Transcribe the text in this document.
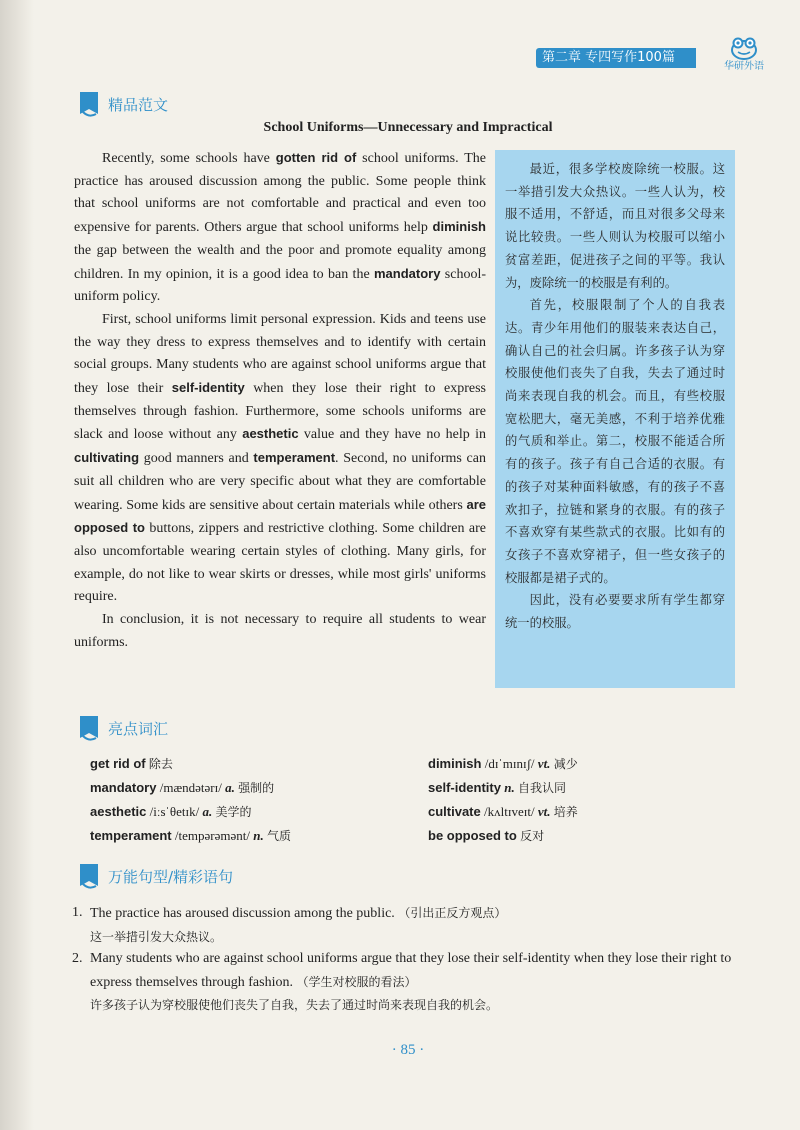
第二章 专四写作100篇
华研外语
精品范文
School Uniforms—Unnecessary and Impractical

Recently, some schools have gotten rid of school uniforms. The practice has aroused discussion among the public. Some people think that school uniforms are not comfortable and practical and even too expensive for parents. Others argue that school uniforms help diminish the gap between the wealth and the poor and promote equality among children. In my opinion, it is a good idea to ban the mandatory school-uniform policy.

First, school uniforms limit personal expression. Kids and teens use the way they dress to express themselves and to identify with certain social groups. Many students who are against school uniforms argue that they lose their self-identity when they lose their right to express themselves through fashion. Furthermore, some schools uniforms are slack and loose without any aesthetic value and they have no help in cultivating good manners and temperament. Second, no uniforms can suit all children who are very specific about what they are comfortable wearing. Some kids are sensitive about certain materials while others are opposed to buttons, zippers and restrictive clothing. Some children are also uncomfortable wearing certain styles of clothing. Many girls, for example, do not like to wear skirts or dresses, while most girls' uniforms require.

In conclusion, it is not necessary to require all students to wear uniforms.

最近，很多学校废除统一校服。这一举措引发大众热议。一些人认为，校服不适用，不舒适，而且对很多父母来说比较贵。一些人则认为校服可以缩小贫富差距，促进孩子之间的平等。我认为，废除统一的校服是有利的。

首先，校服限制了个人的自我表达。青少年用他们的服装来表达自己，确认自己的社会归属。许多孩子认为穿校服使他们丧失了自我，失去了通过时尚来表现自我的机会。而且，有些校服宽松肥大，毫无美感，不利于培养优雅的气质和举止。第二，校服不能适合所有的孩子。孩子有自己合适的衣服。有的孩子对某种面料敏感，有的孩子不喜欢扣子，拉链和紧身的衣服。有的孩子不喜欢穿有某些款式的衣服。比如有的女孩子不喜欢穿裙子，但一些女孩子的校服都是裙子式的。

因此，没有必要要求所有学生都穿统一的校服。

亮点词汇
get rid of 除去
mandatory /mændətərɪ/ a. 强制的
aesthetic /iːsˈθetɪk/ a. 美学的
temperament /tempərəmənt/ n. 气质
diminish /dɪˈmɪnɪʃ/ vt. 减少
self-identity n. 自我认同
cultivate /kʌltɪveɪt/ vt. 培养
be opposed to 反对
万能句型/精彩语句
1. The practice has aroused discussion among the public. （引出正反方观点）
这一举措引发大众热议。
2. Many students who are against school uniforms argue that they lose their self-identity when they lose their right to express themselves through fashion. （学生对校服的看法）
许多孩子认为穿校服使他们丧失了自我，失去了通过时尚来表现自我的机会。
· 85 ·
